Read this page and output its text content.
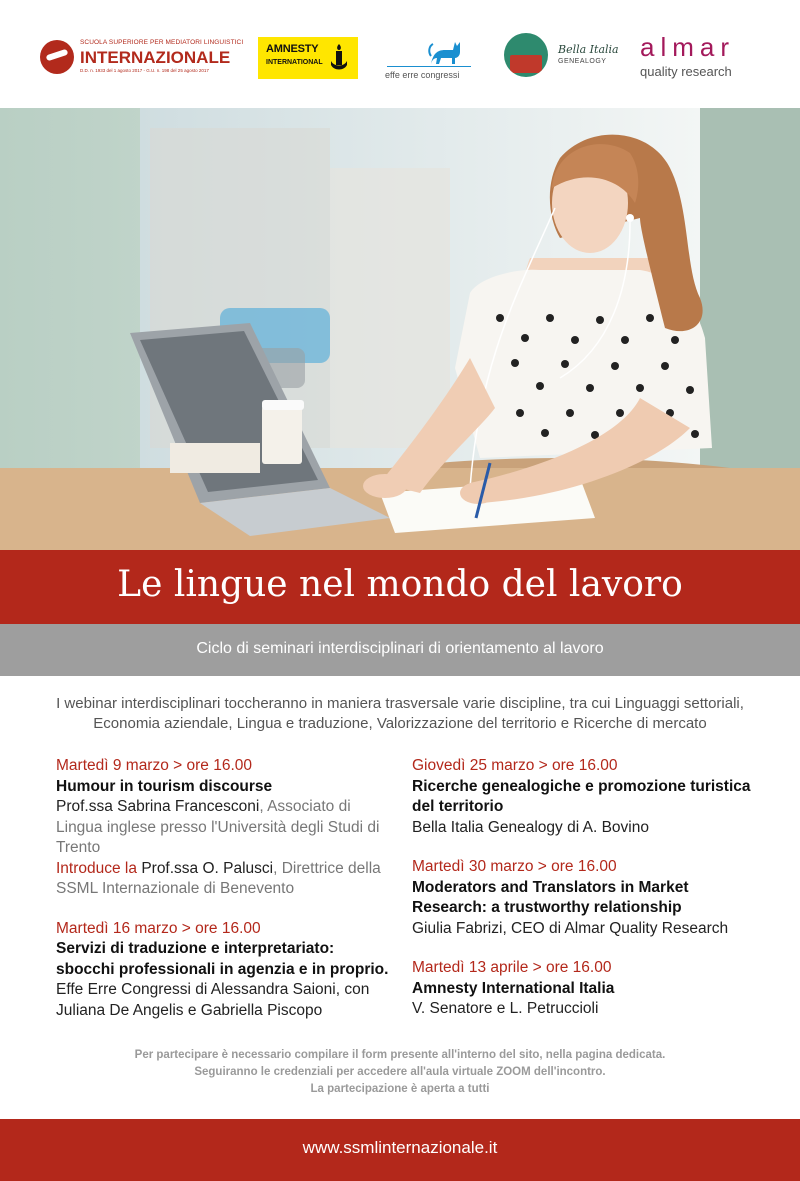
SCUOLA SUPERIORE PER MEDIATORI LINGUISTICI
INTERNAZIONALE
D.D. n. 1933 del 1 agosto 2017 - G.U. n. 198 del 25 agosto 2017
AMNESTY
INTERNATIONAL
effe erre congressi
Bella Italia
GENEALOGY almar
quality research
Le lingue nel mondo del lavoro
Ciclo di seminari interdisciplinari di orientamento al lavoro
I webinar interdisciplinari toccheranno in maniera trasversale varie discipline, tra cui Linguaggi settoriali, Economia aziendale, Lingua e traduzione, Valorizzazione del territorio e Ricerche di mercato
Martedì 9 marzo > ore 16.00
Humour in tourism discourse
Prof.ssa Sabrina Francesconi, Associato di Lingua inglese presso l'Università degli Studi di Trento
Introduce la Prof.ssa O. Palusci, Direttrice della SSML Internazionale di Benevento
Martedì 16 marzo > ore 16.00
Servizi di traduzione e interpretariato: sbocchi professionali in agenzia e in proprio.
Effe Erre Congressi di Alessandra Saioni, con Juliana De Angelis e Gabriella Piscopo
Giovedì 25 marzo > ore 16.00
Ricerche genealogiche e promozione turistica del territorio
Bella Italia Genealogy di A. Bovino
Martedì 30 marzo > ore 16.00
Moderators and Translators in Market Research: a trustworthy relationship
Giulia Fabrizi, CEO di Almar Quality Research
Martedì 13 aprile > ore 16.00
Amnesty International Italia
V. Senatore e L. Petruccioli
Per partecipare è necessario compilare il form presente all'interno del sito, nella pagina dedicata.
Seguiranno le credenziali per accedere all'aula virtuale ZOOM dell'incontro.
La partecipazione è aperta a tutti
www.ssmlinternazionale.it
